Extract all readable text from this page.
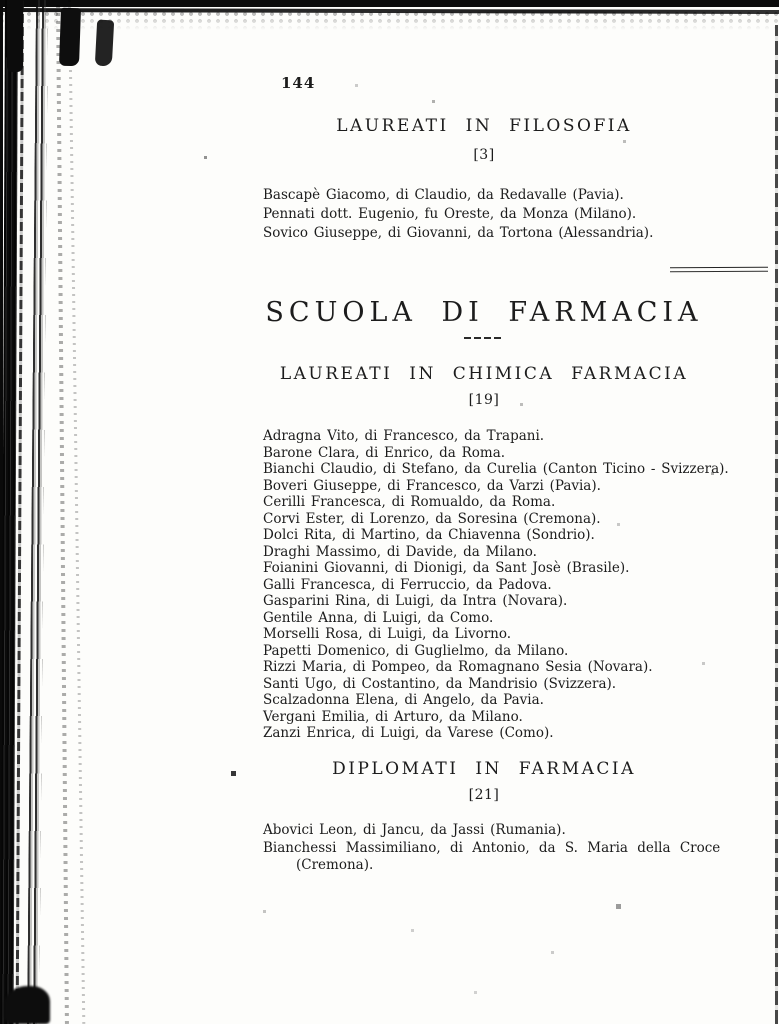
144
LAUREATI IN FILOSOFIA
[3]
SCUOLA DI FARMACIA
LAUREATI IN CHIMICA FARMACIA
[19]
DIPLOMATI IN FARMACIA
[21]
Bascapè Giacomo, di Claudio, da Redavalle (Pavia).
Pennati dott. Eugenio, fu Oreste, da Monza (Milano).
Sovico Giuseppe, di Giovanni, da Tortona (Alessandria).
Adragna Vito, di Francesco, da Trapani.
Barone Clara, di Enrico, da Roma.
Bianchi Claudio, di Stefano, da Curelia (Canton Ticino - Svizzera).
Boveri Giuseppe, di Francesco, da Varzi (Pavia).
Cerilli Francesca, di Romualdo, da Roma.
Corvi Ester, di Lorenzo, da Soresina (Cremona).
Dolci Rita, di Martino, da Chiavenna (Sondrio).
Draghi Massimo, di Davide, da Milano.
Foianini Giovanni, di Dionigi, da Sant Josè (Brasile).
Galli Francesca, di Ferruccio, da Padova.
Gasparini Rina, di Luigi, da Intra (Novara).
Gentile Anna, di Luigi, da Como.
Morselli Rosa, di Luigi, da Livorno.
Papetti Domenico, di Guglielmo, da Milano.
Rizzi Maria, di Pompeo, da Romagnano Sesia (Novara).
Santi Ugo, di Costantino, da Mandrisio (Svizzera).
Scalzadonna Elena, di Angelo, da Pavia.
Vergani Emilia, di Arturo, da Milano.
Zanzi Enrica, di Luigi, da Varese (Como).
Abovici Leon, di Jancu, da Jassi (Rumania).
Bianchessi Massimiliano, di Antonio, da S. Maria della Croce
(Cremona).
